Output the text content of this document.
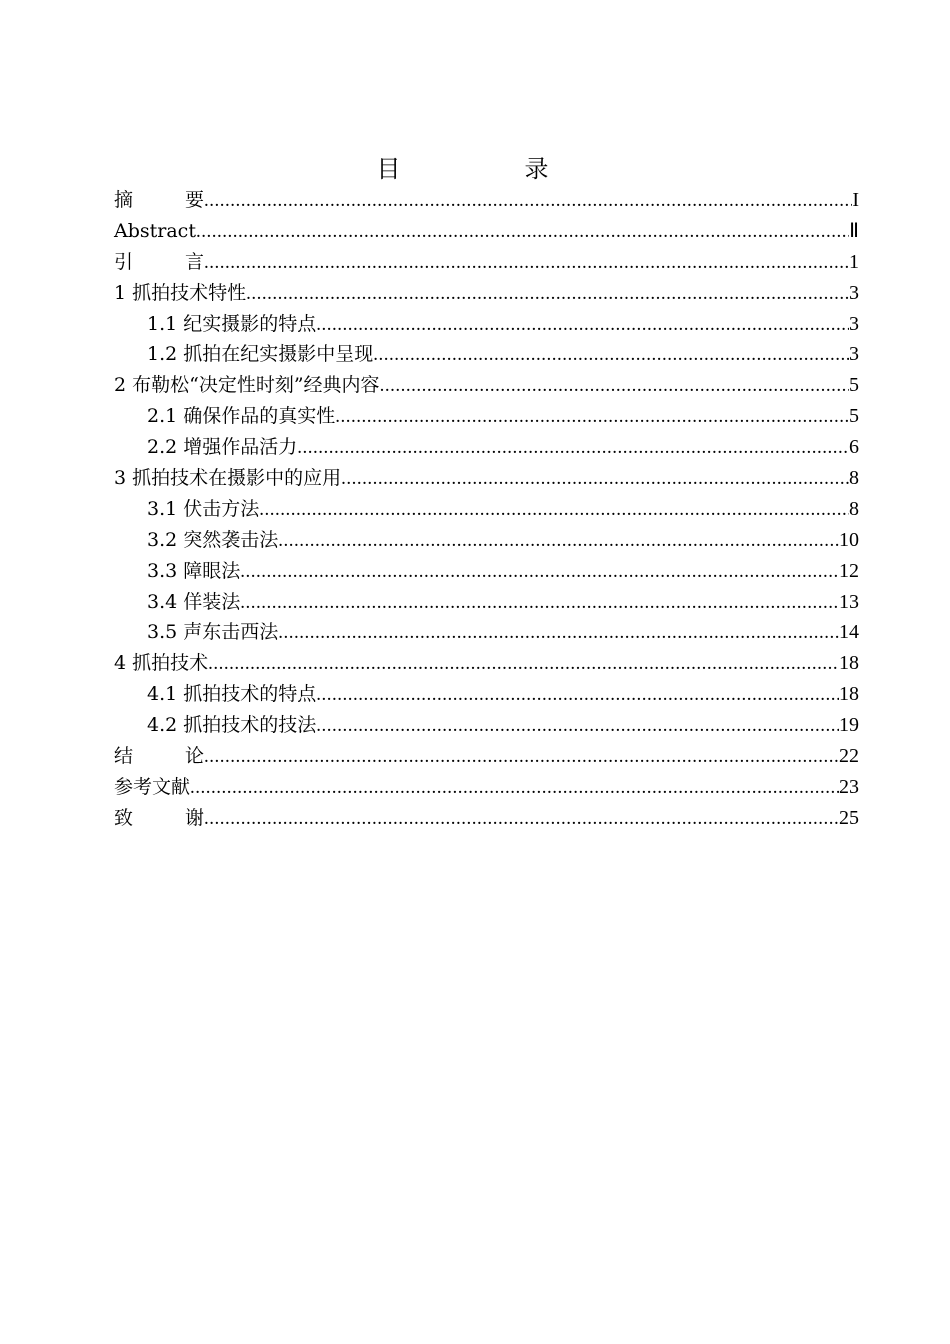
目　录
摘　　要 .....	I
Abstract .....	Ⅱ
引　　言 .....	1
1 抓拍技术特性 .....	3
1.1 纪实摄影的特点 .....	3
1.2 抓拍在纪实摄影中呈现 .....	3
2 布勒松“决定性时刻”经典内容 .....	5
2.1 确保作品的真实性 .....	5
2.2 增强作品活力 .....	6
3 抓拍技术在摄影中的应用 .....	8
3.1 伏击方法 .....	8
3.2 突然袭击法 .....	10
3.3 障眼法 .....	12
3.4 佯装法 .....	13
3.5 声东击西法 .....	14
4 抓拍技术 .....	18
4.1 抓拍技术的特点 .....	18
4.2 抓拍技术的技法 .....	19
结　　论 .....	22
参考文献 .....	23
致　　谢 .....	25
